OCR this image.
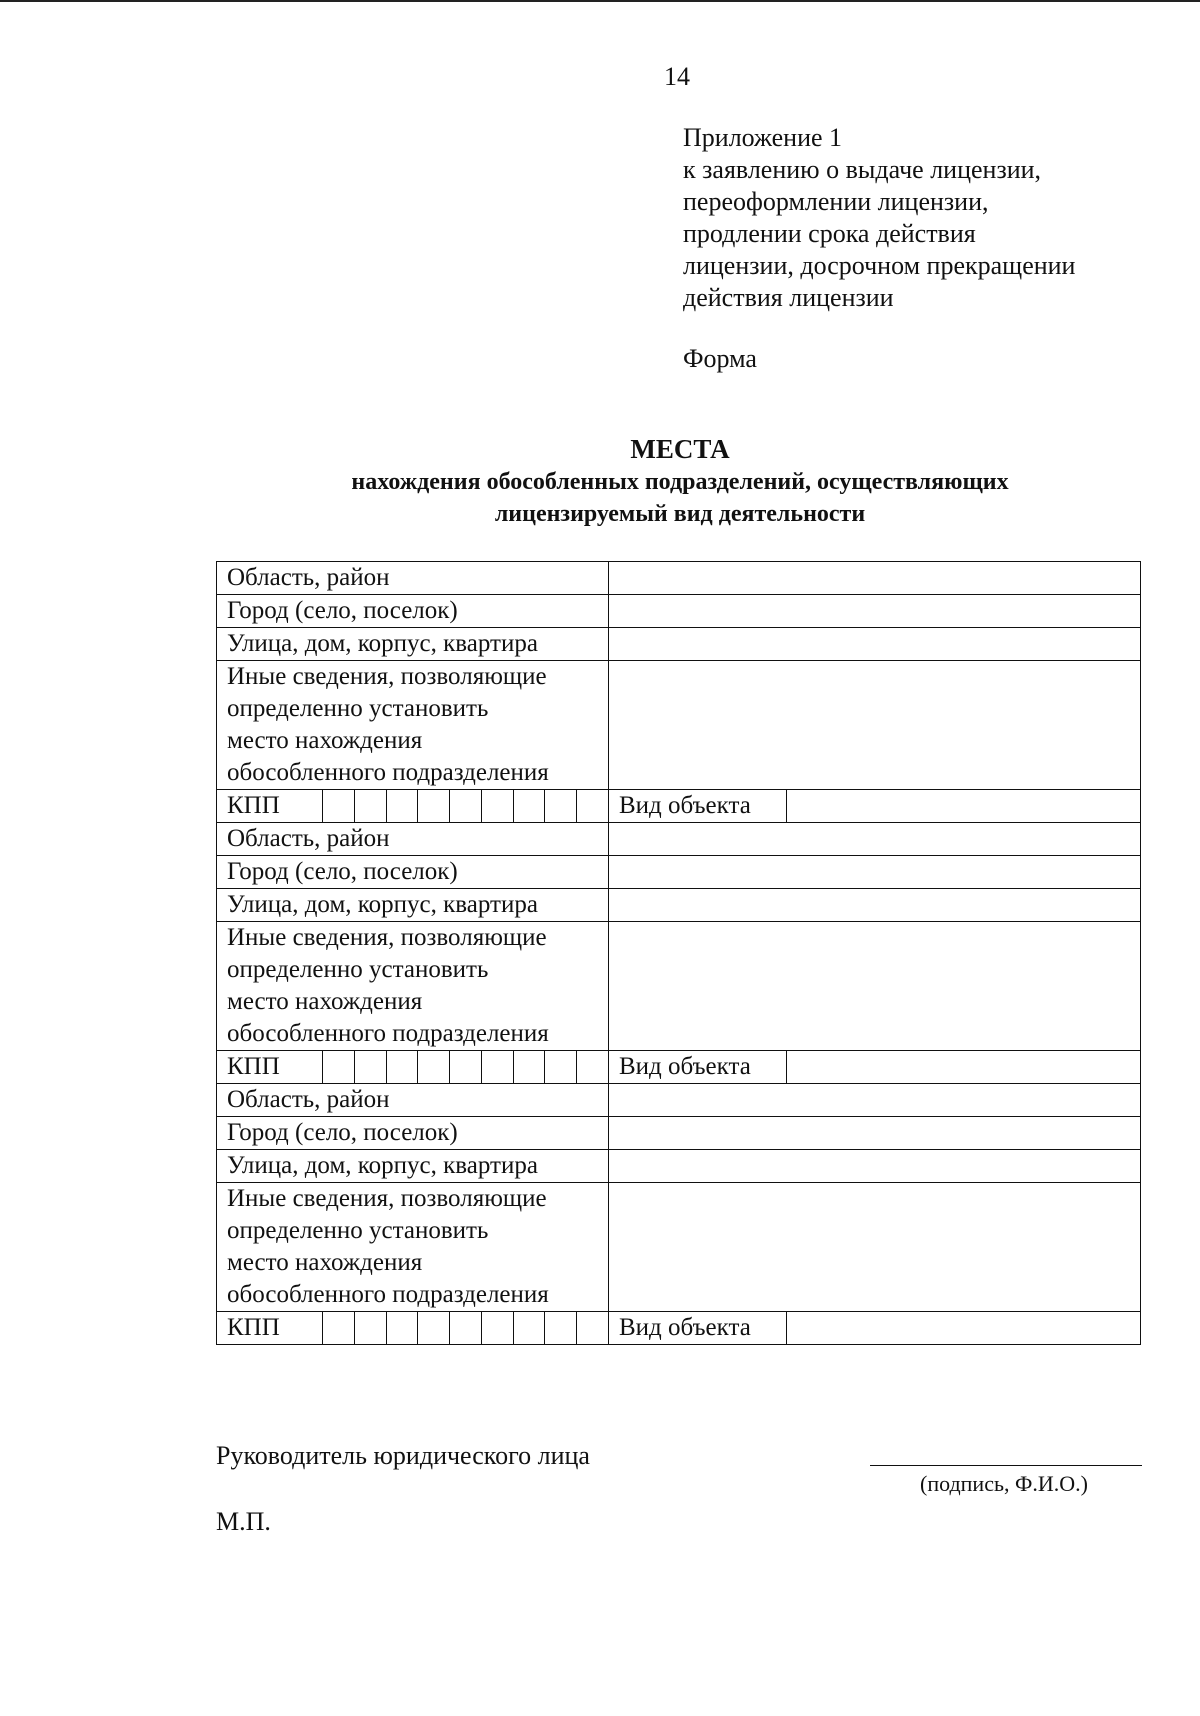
14
Приложение 1
к заявлению о выдаче лицензии,
переоформлении лицензии,
продлении срока действия
лицензии, досрочном прекращении
действия лицензии
Форма
МЕСТА
нахождения обособленных подразделений, осуществляющих
лицензируемый вид деятельности
Область, район	
Город (село, поселок)	
Улица, дом, корпус, квартира	

Иные сведения, позволяющие
определенно установить
место нахождения
обособленного подразделения	

КПП	Вид объекта

Область, район	
Город (село, поселок)	
Улица, дом, корпус, квартира	

Иные сведения, позволяющие
определенно установить
место нахождения
обособленного подразделения	

КПП	Вид объекта

Область, район	
Город (село, поселок)	
Улица, дом, корпус, квартира	

Иные сведения, позволяющие
определенно установить
место нахождения
обособленного подразделения	

КПП	Вид объекта
Руководитель юридического лица
(подпись, Ф.И.О.)
М.П.
